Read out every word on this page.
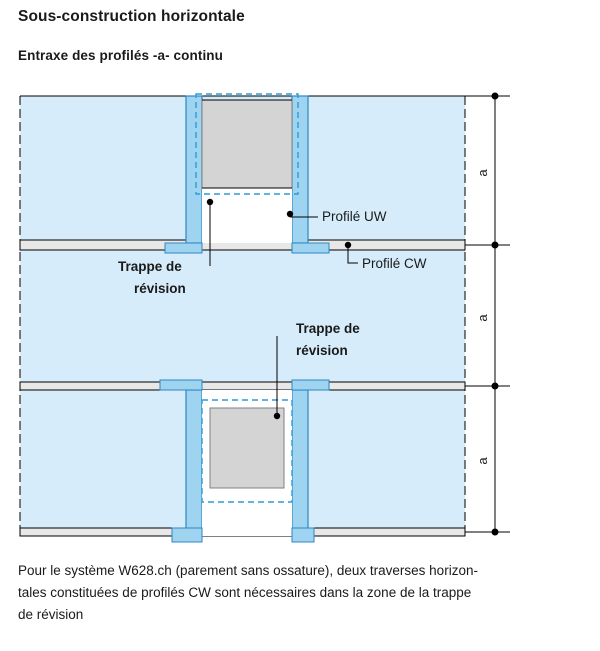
Sous-construction horizontale
Entraxe des profilés -a- continu
a
a
a
Profilé UW
Profilé CW
Trappe de
révision
Trappe de
révision
Pour le système W628.ch (parement sans ossature), deux traverses horizon-
tales constituées de profilés CW sont nécessaires dans la zone de la trappe
de révision
